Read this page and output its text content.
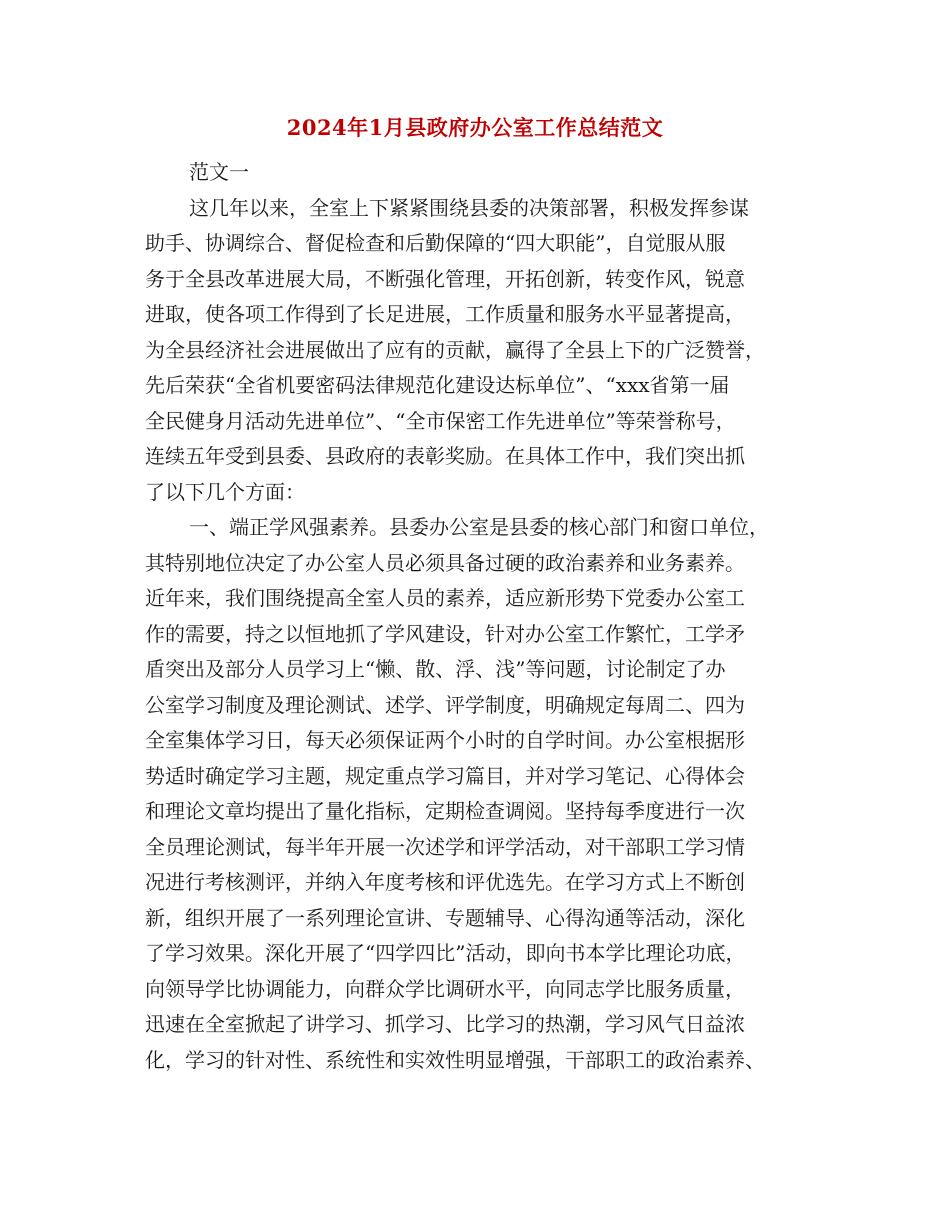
2024年1月县政府办公室工作总结范文
范文一
这几年以来，全室上下紧紧围绕县委的决策部署，积极发挥参谋
助手、协调综合、督促检查和后勤保障的“四大职能”，自觉服从服
务于全县改革进展大局，不断强化管理，开拓创新，转变作风，锐意
进取，使各项工作得到了长足进展，工作质量和服务水平显著提高，
为全县经济社会进展做出了应有的贡献，赢得了全县上下的广泛赞誉，
先后荣获“全省机要密码法律规范化建设达标单位”、“xxx省第一届
全民健身月活动先进单位”、“全市保密工作先进单位”等荣誉称号，
连续五年受到县委、县政府的表彰奖励。在具体工作中，我们突出抓
了以下几个方面：
一、端正学风强素养。县委办公室是县委的核心部门和窗口单位，
其特别地位决定了办公室人员必须具备过硬的政治素养和业务素养。
近年来，我们围绕提高全室人员的素养，适应新形势下党委办公室工
作的需要，持之以恒地抓了学风建设，针对办公室工作繁忙，工学矛
盾突出及部分人员学习上“懒、散、浮、浅”等问题，讨论制定了办
公室学习制度及理论测试、述学、评学制度，明确规定每周二、四为
全室集体学习日，每天必须保证两个小时的自学时间。办公室根据形
势适时确定学习主题，规定重点学习篇目，并对学习笔记、心得体会
和理论文章均提出了量化指标，定期检查调阅。坚持每季度进行一次
全员理论测试，每半年开展一次述学和评学活动，对干部职工学习情
况进行考核测评，并纳入年度考核和评优选先。在学习方式上不断创
新，组织开展了一系列理论宣讲、专题辅导、心得沟通等活动，深化
了学习效果。深化开展了“四学四比”活动，即向书本学比理论功底，
向领导学比协调能力，向群众学比调研水平，向同志学比服务质量，
迅速在全室掀起了讲学习、抓学习、比学习的热潮，学习风气日益浓
化，学习的针对性、系统性和实效性明显增强，干部职工的政治素养、
